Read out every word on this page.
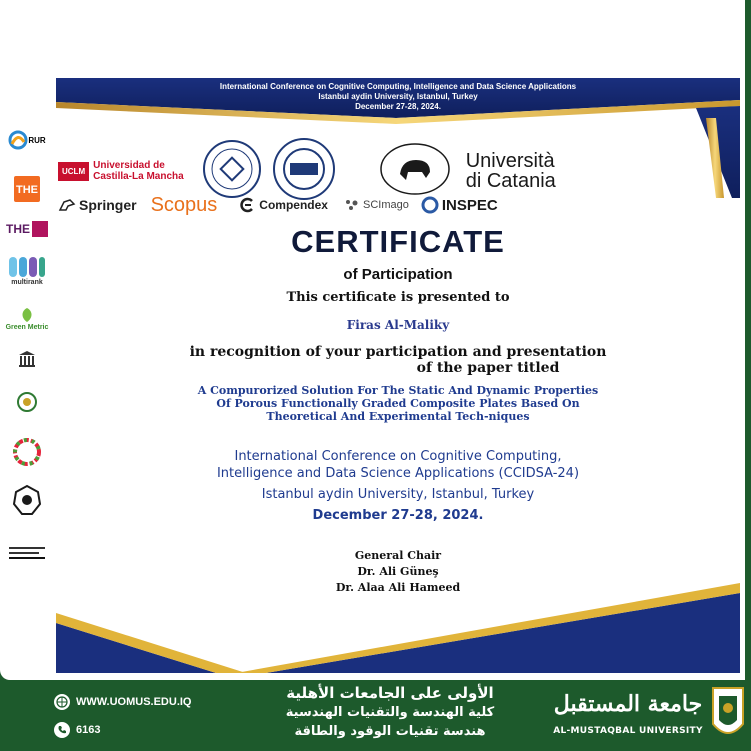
RUR
THE
THE
multirank
Green Metric
International Conference on Cognitive Computing, Intelligence and Data Science Applications
Istanbul aydin University, Istanbul, Turkey
December 27-28, 2024.
UCLM Universidad de
Castilla-La Mancha
Università
di Catania
Springer Scopus	Compendex	SCImago INSPEC
CERTIFICATE
of Participation
This certificate is presented to
Firas Al-Maliky
in recognition of your participation and presentation
of the paper titled
A Compurorized Solution For The Static And Dynamic Properties
Of Porous Functionally Graded Composite Plates Based On
Theoretical And Experimental Tech-niques
International Conference on Cognitive Computing,
Intelligence and Data Science Applications (CCIDSA-24)
Istanbul aydin University, Istanbul, Turkey
December 27-28, 2024.
General Chair
Dr. Ali Güneş
Dr. Alaa Ali Hameed
WWW.UOMUS.EDU.IQ
6163
الأولى على الجامعات الأهلية
كلية الهندسة والتقنيات الهندسية
هندسة تقنيات الوقود والطاقة
جامعة المستقبل
AL-MUSTAQBAL UNIVERSITY
